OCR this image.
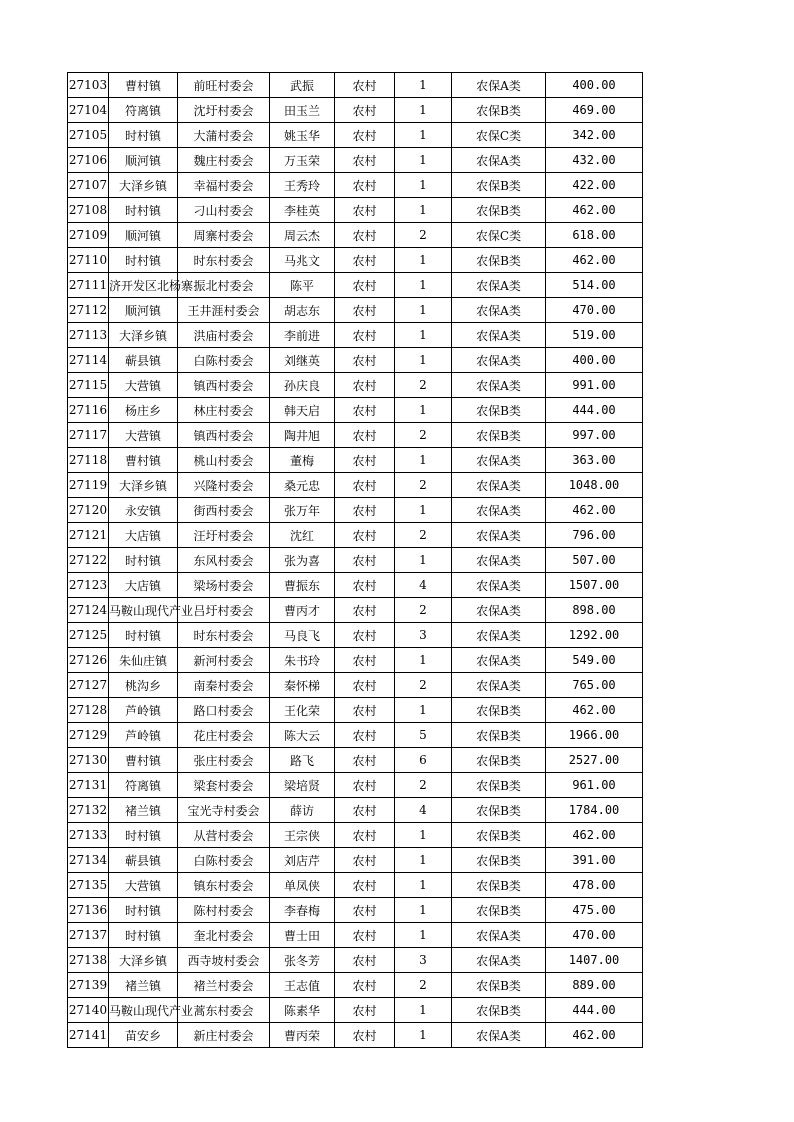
27103	曹村镇	前旺村委会	武振	农村	1	农保A类	400.00
27104	符离镇	沈圩村委会	田玉兰	农村	1	农保B类	469.00
27105	时村镇	大蒲村委会	姚玉华	农村	1	农保C类	342.00
27106	顺河镇	魏庄村委会	万玉荣	农村	1	农保A类	432.00
27107	大泽乡镇	幸福村委会	王秀玲	农村	1	农保B类	422.00
27108	时村镇	刁山村委会	李桂英	农村	1	农保B类	462.00
27109	顺河镇	周寨村委会	周云杰	农村	2	农保C类	618.00
27110	时村镇	时东村委会	马兆文	农村	1	农保B类	462.00
27111	济开发区北杨寨	振北村委会	陈平	农村	1	农保A类	514.00
27112	顺河镇	王井涯村委会	胡志东	农村	1	农保A类	470.00
27113	大泽乡镇	洪庙村委会	李前进	农村	1	农保A类	519.00
27114	蕲县镇	白陈村委会	刘继英	农村	1	农保A类	400.00
27115	大营镇	镇西村委会	孙庆良	农村	2	农保A类	991.00
27116	杨庄乡	林庄村委会	韩天启	农村	1	农保B类	444.00
27117	大营镇	镇西村委会	陶井旭	农村	2	农保B类	997.00
27118	曹村镇	桃山村委会	董梅	农村	1	农保A类	363.00
27119	大泽乡镇	兴隆村委会	桑元忠	农村	2	农保A类	1048.00
27120	永安镇	街西村委会	张万年	农村	1	农保A类	462.00
27121	大店镇	汪圩村委会	沈红	农村	2	农保A类	796.00
27122	时村镇	东风村委会	张为喜	农村	1	农保A类	507.00
27123	大店镇	梁场村委会	曹振东	农村	4	农保A类	1507.00
27124	马鞍山现代产业	吕圩村委会	曹丙才	农村	2	农保A类	898.00
27125	时村镇	时东村委会	马良飞	农村	3	农保A类	1292.00
27126	朱仙庄镇	新河村委会	朱书玲	农村	1	农保A类	549.00
27127	桃沟乡	南秦村委会	秦怀梯	农村	2	农保A类	765.00
27128	芦岭镇	路口村委会	王化荣	农村	1	农保B类	462.00
27129	芦岭镇	花庄村委会	陈大云	农村	5	农保B类	1966.00
27130	曹村镇	张庄村委会	路飞	农村	6	农保B类	2527.00
27131	符离镇	梁套村委会	梁培贤	农村	2	农保B类	961.00
27132	褚兰镇	宝光寺村委会	薛访	农村	4	农保B类	1784.00
27133	时村镇	从营村委会	王宗侠	农村	1	农保B类	462.00
27134	蕲县镇	白陈村委会	刘店芹	农村	1	农保B类	391.00
27135	大营镇	镇东村委会	单凤侠	农村	1	农保B类	478.00
27136	时村镇	陈村村委会	李春梅	农村	1	农保B类	475.00
27137	时村镇	奎北村委会	曹士田	农村	1	农保A类	470.00
27138	大泽乡镇	西寺坡村委会	张冬芳	农村	3	农保A类	1407.00
27139	褚兰镇	褚兰村委会	王志值	农村	2	农保B类	889.00
27140	马鞍山现代产业	蒿东村委会	陈素华	农村	1	农保B类	444.00
27141	苗安乡	新庄村委会	曹丙荣	农村	1	农保A类	462.00
